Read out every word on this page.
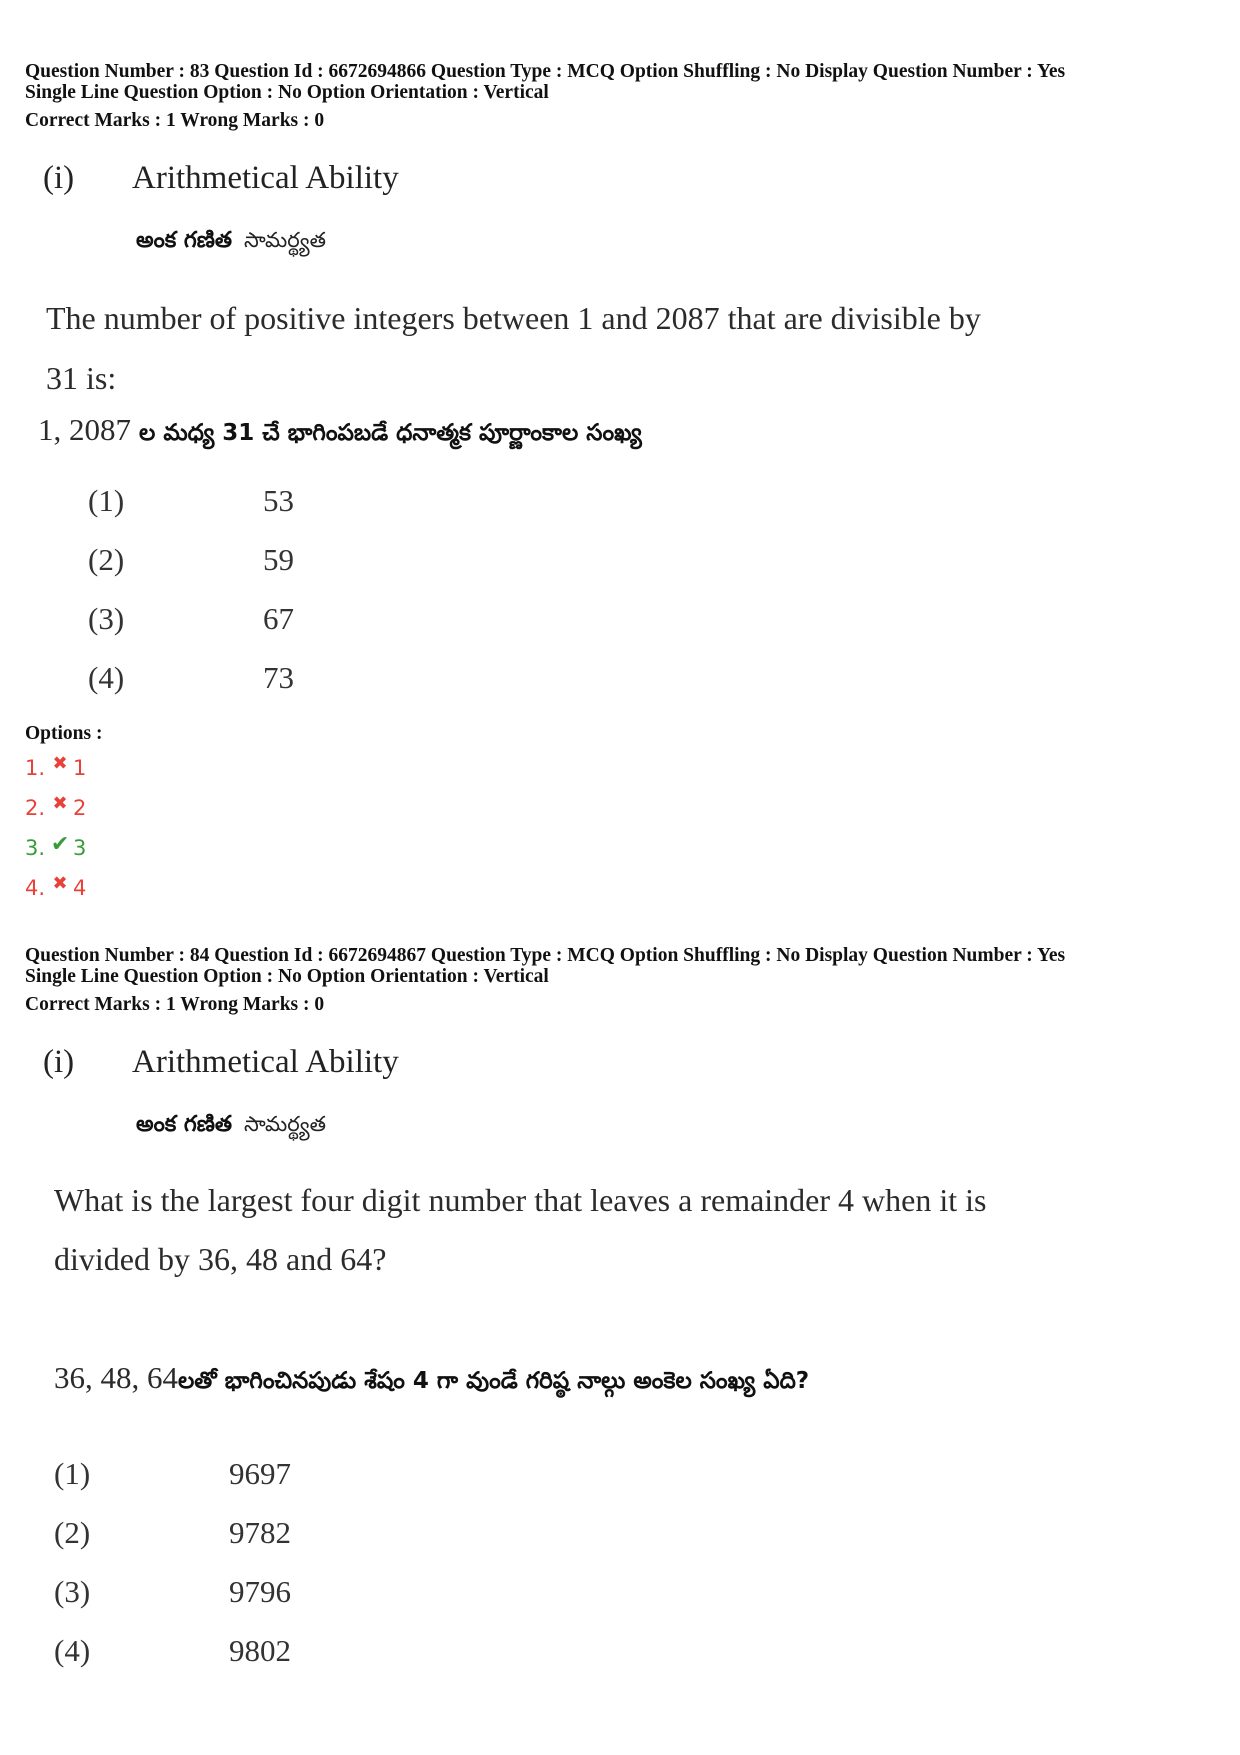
Question Number : 83 Question Id : 6672694866 Question Type : MCQ Option Shuffling : No Display Question Number : Yes
Single Line Question Option : No Option Orientation : Vertical
Correct Marks : 1 Wrong Marks : 0
(i) Arithmetical Ability
అంక గణిత సామర్థ్యత
The number of positive integers between 1 and 2087 that are divisible by
31 is:
1, 2087 ల మధ్య 31 చే భాగింపబడే ధనాత్మక పూర్ణాంకాల సంఖ్య
(1)	53
(2)	59
(3)	67
(4)	73
Options :
1. ✖ 1
2. ✖ 2
3. ✔ 3
4. ✖ 4
Question Number : 84 Question Id : 6672694867 Question Type : MCQ Option Shuffling : No Display Question Number : Yes
Single Line Question Option : No Option Orientation : Vertical
Correct Marks : 1 Wrong Marks : 0
(i) Arithmetical Ability
అంక గణిత సామర్థ్యత
What is the largest four digit number that leaves a remainder 4 when it is
divided by 36, 48 and 64?
36, 48, 64లతో భాగించినపుడు శేషం 4 గా వుండే గరిష్ఠ నాల్గు అంకెల సంఖ్య ఏది?
(1)	9697
(2)	9782
(3)	9796
(4)	9802
